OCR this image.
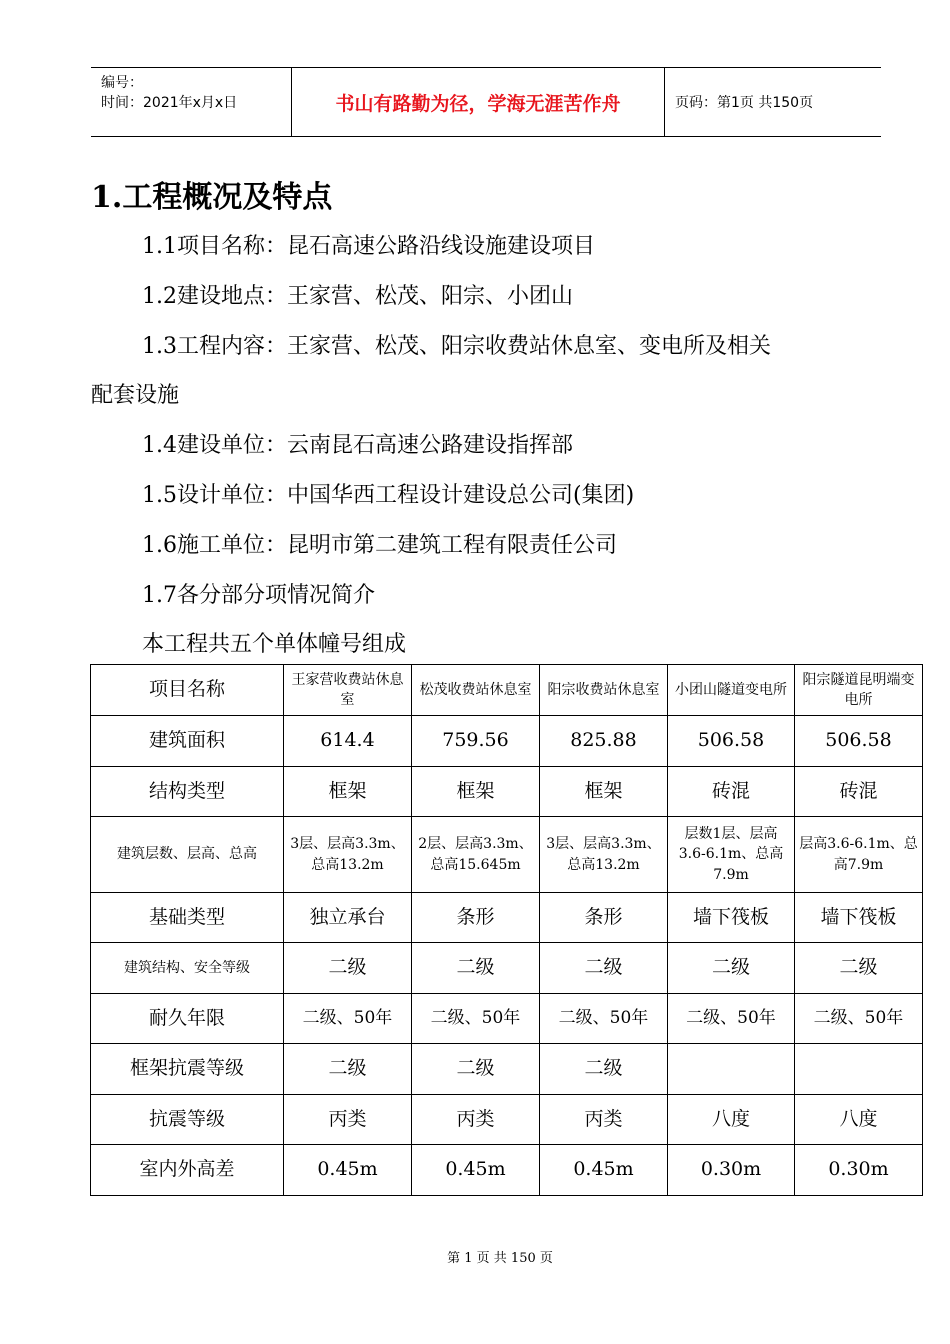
编号：
时间：2021年x月x日	书山有路勤为径，学海无涯苦作舟	页码：第1页 共150页
1.工程概况及特点
1.1项目名称：昆石高速公路沿线设施建设项目
1.2建设地点：王家营、松茂、阳宗、小团山
1.3工程内容：王家营、松茂、阳宗收费站休息室、变电所及相关
配套设施
1.4建设单位：云南昆石高速公路建设指挥部
1.5设计单位：中国华西工程设计建设总公司(集团)
1.6施工单位：昆明市第二建筑工程有限责任公司
1.7各分部分项情况简介
本工程共五个单体幢号组成
项目名称	王家营收费站休息室	松茂收费站休息室	阳宗收费站休息室	小团山隧道变电所	阳宗隧道昆明端变电所
建筑面积	614.4	759.56	825.88	506.58	506.58
结构类型	框架	框架	框架	砖混	砖混
建筑层数、层高、总高	3层、层高3.3m、总高13.2m	2层、层高3.3m、总高15.645m	3层、层高3.3m、总高13.2m	层数1层、层高3.6-6.1m、总高7.9m	层高3.6-6.1m、总高7.9m
基础类型	独立承台	条形	条形	墙下筏板	墙下筏板
建筑结构、安全等级	二级	二级	二级	二级	二级
耐久年限	二级、50年	二级、50年	二级、50年	二级、50年	二级、50年
框架抗震等级	二级	二级	二级		
抗震等级	丙类	丙类	丙类	八度	八度
室内外高差	0.45m	0.45m	0.45m	0.30m	0.30m
第 1 页 共 150 页
